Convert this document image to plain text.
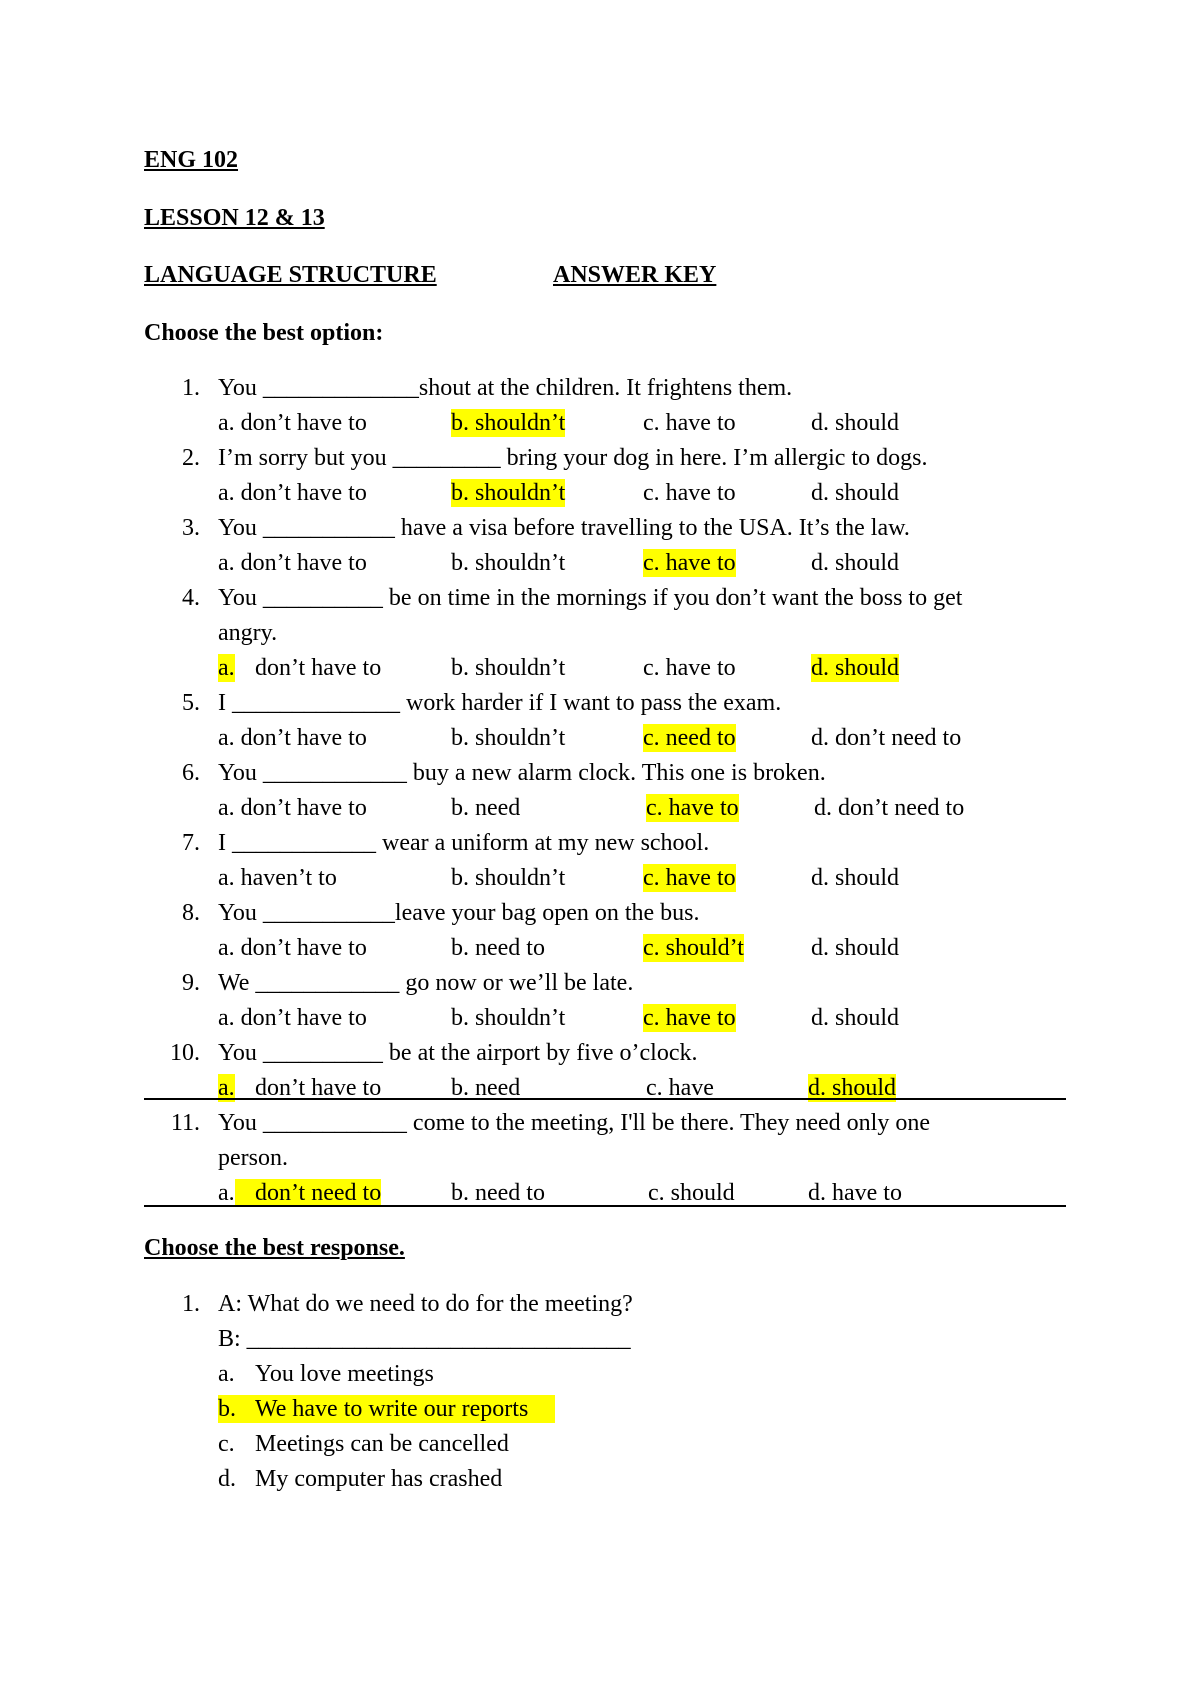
ENG 102
LESSON 12 & 13
LANGUAGE STRUCTURE	ANSWER KEY
Choose the best option:
1. You _____________shout at the children. It frightens them.
a. don’t have to	b. shouldn’t	c. have to	d. should
2. I’m sorry but you _________ bring your dog in here. I’m allergic to dogs.
a. don’t have to	b. shouldn’t	c. have to	d. should
3. You ___________ have a visa before travelling to the USA. It’s the law.
a. don’t have to	b. shouldn’t	c. have to	d. should
4. You __________ be on time in the mornings if you don’t want the boss to get
angry.
a. don’t have to	b. shouldn’t	c. have to	d. should
5. I ______________ work harder if I want to pass the exam.
a. don’t have to	b. shouldn’t	c. need to	d. don’t need to
6. You ____________ buy a new alarm clock. This one is broken.
a. don’t have to	b. need	c. have to	d. don’t need to
7. I ____________ wear a uniform at my new school.
a. haven’t to	b. shouldn’t	c. have to	d. should
8. You ___________leave your bag open on the bus.
a. don’t have to	b. need to	c. should’t	d. should
9. We ____________ go now or we’ll be late.
a. don’t have to	b. shouldn’t	c. have to	d. should
10. You __________ be at the airport by five o’clock.
a. don’t have to	b. need	c. have	d. should
11. You ____________ come to the meeting, I'll be there. They need only one
person.
a. don’t need to	b. need to	c. should	d. have to
Choose the best response.
1. A: What do we need to do for the meeting?
B: ________________________________
a. You love meetings
b. We have to write our reports
c. Meetings can be cancelled
d. My computer has crashed
